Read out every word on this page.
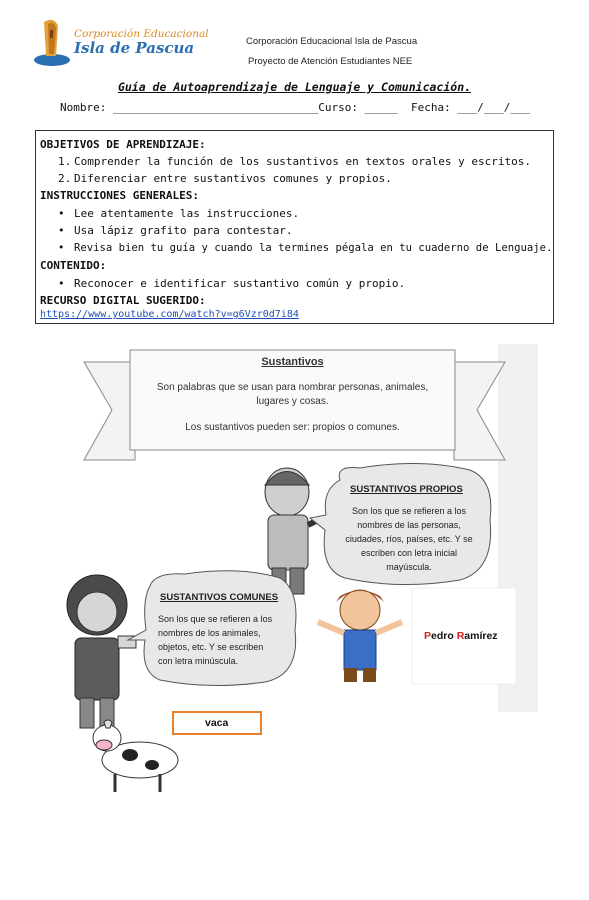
Corporación Educacional
Isla de Pascua	Corporación Educacional Isla de Pascua
Proyecto de Atención Estudiantes NEE
Guía de Autoaprendizaje de Lenguaje y Comunicación.
Nombre: _______________________________Curso: _____  Fecha: ___/___/___
OBJETIVOS DE APRENDIZAJE:
1. Comprender la función de los sustantivos en textos orales y escritos.
2. Diferenciar entre sustantivos comunes y propios.
INSTRUCCIONES GENERALES:
• Lee atentamente las instrucciones.
• Usa lápiz grafito para contestar.
• Revisa bien tu guía y cuando la termines pégala en tu cuaderno de Lenguaje.
CONTENIDO:
• Reconocer e identificar sustantivo común y propio.
RECURSO DIGITAL SUGERIDO:
https://www.youtube.com/watch?v=g6Vzr0d7i84
Sustantivos
Son palabras que se usan para nombrar personas, animales,
lugares y cosas.
Los sustantivos pueden ser: propios o comunes.
SUSTANTIVOS PROPIOS
Son los que se refieren a los
nombres de las personas,
ciudades, ríos, países, etc. Y se
escriben con letra inicial
mayúscula.
SUSTANTIVOS COMUNES
Son los que se refieren a los
nombres de los animales,
objetos, etc. Y se escriben
con letra minúscula.
Pedro Ramírez
vaca
